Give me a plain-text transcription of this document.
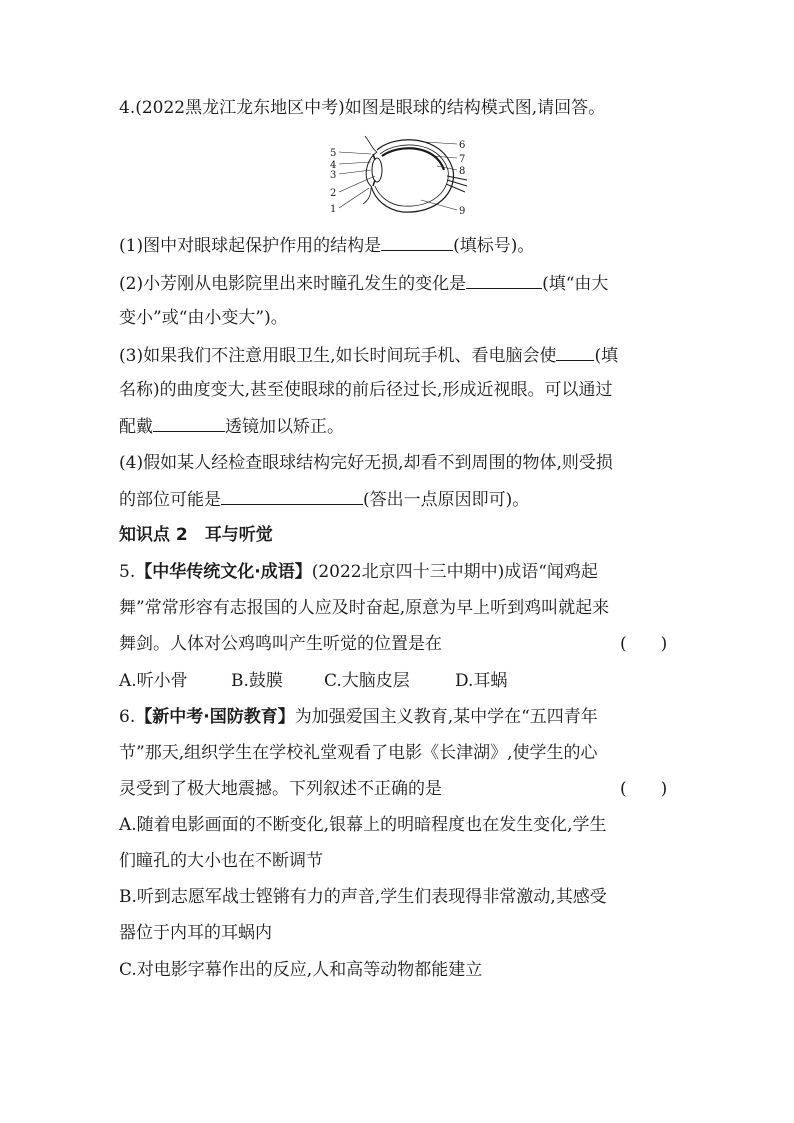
4.(2022黑龙江龙东地区中考)如图是眼球的结构模式图,请回答。
5
4
3
2
1
6
7
8
9
(1)图中对眼球起保护作用的结构是	(填标号)。
(2)小芳刚从电影院里出来时瞳孔发生的变化是	(填“由大
变小”或“由小变大”)。
(3)如果我们不注意用眼卫生,如长时间玩手机、看电脑会使 (填
名称)的曲度变大,甚至使眼球的前后径过长,形成近视眼。可以通过
配戴	透镜加以矫正。
(4)假如某人经检查眼球结构完好无损,却看不到周围的物体,则受损
的部位可能是	(答出一点原因即可)。
知识点 2　耳与听觉
5.【中华传统文化·成语】(2022北京四十三中期中)成语“闻鸡起
舞”常常形容有志报国的人应及时奋起,原意为早上听到鸡叫就起来
舞剑。人体对公鸡鸣叫产生听觉的位置是在	(　　)
A.听小骨	B.鼓膜 C.大脑皮层	D.耳蜗
6.【新中考·国防教育】为加强爱国主义教育,某中学在“五四青年
节”那天,组织学生在学校礼堂观看了电影《长津湖》,使学生的心
灵受到了极大地震撼。下列叙述不正确的是	(　　)
A.随着电影画面的不断变化,银幕上的明暗程度也在发生变化,学生
们瞳孔的大小也在不断调节
B.听到志愿军战士铿锵有力的声音,学生们表现得非常激动,其感受
器位于内耳的耳蜗内
C.对电影字幕作出的反应,人和高等动物都能建立
